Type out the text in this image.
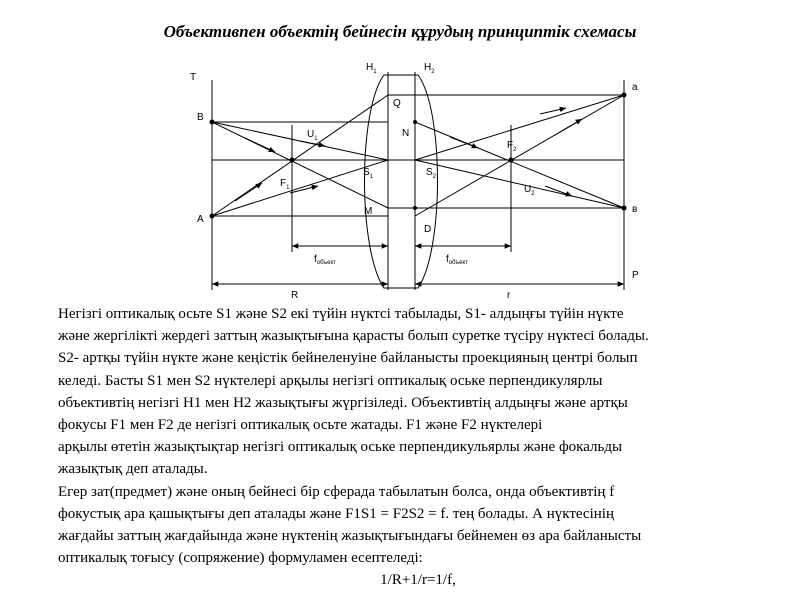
Объективпен объектің бейнесін құрудың принциптік схемасы
Т
B
A
$H_1$	$H_2$
Q
N
M
D
$U_1$
$U_2$
$F_1$
$F_2$
$S_1$	$S_2$
a
в
Р
$f_{объект}$	$f_{объект}$
R	r
Негізгі оптикалық осьте S1 және S2 екі түйін нүктсі табылады, S1- алдыңғы түйін нүкте
және жергілікті жердегі заттың жазықтығына қарасты болып суретке түсіру нүктесі болады.
S2- артқы түйін нүкте және кеңістік бейнеленуіне байланысты проекцияның центрі болып
келеді. Басты S1 мен S2 нүктелері арқылы негізгі оптикалық оське перпендикулярлы
объективтің негізгі Н1 мен Н2 жазықтығы жүргізіледі. Объективтің алдыңғы және артқы
фокусы F1 мен F2 де негізгі оптикалық осьте жатады. F1 және F2 нүктелері
арқылы өтетін жазықтықтар негізгі оптикалық оське перпендикульярлы және фокальды
жазықтық деп аталады.
Егер зат(предмет) және оның бейнесі бір сферада табылатын болса, онда объективтің f
фокустық ара қашықтығы деп аталады және F1S1 = F2S2 = f. тең болады. А нүктесінің
жағдайы заттың жағдайында және нүктенің жазықтығындағы бейнемен өз ара байланысты
оптикалық тоғысу (сопряжение) формуламен есептеледі:
1/R+1/r=1/f,
